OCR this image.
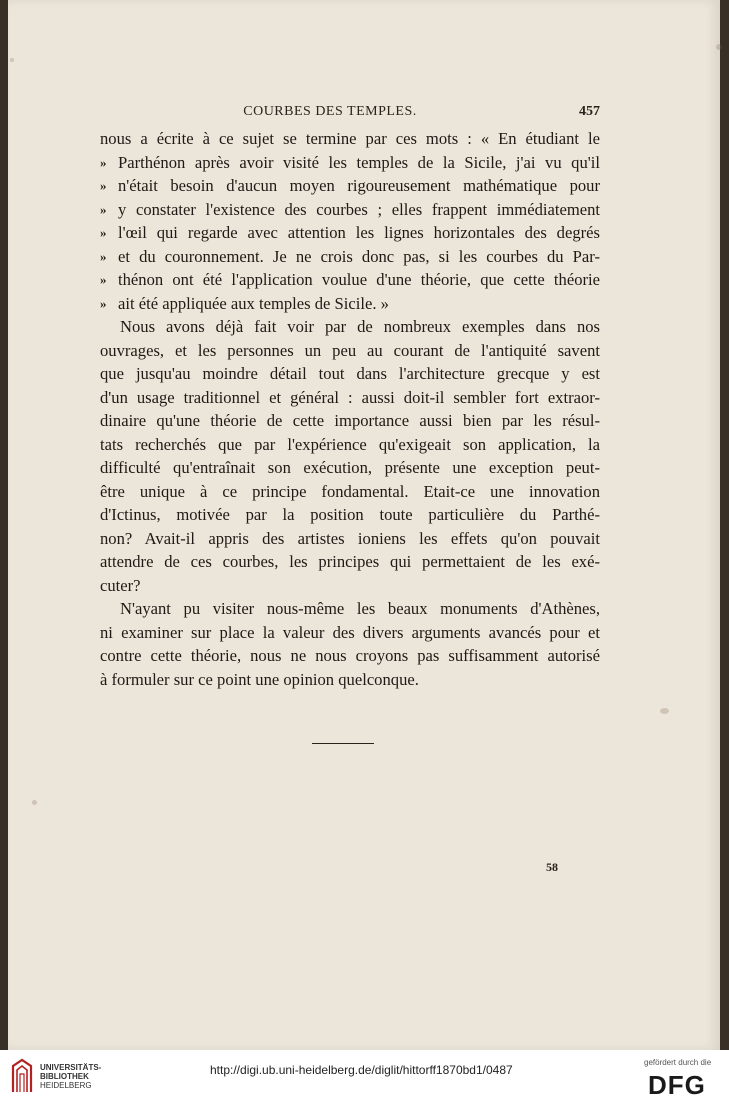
COURBES DES TEMPLES.	457
nous a écrite à ce sujet se termine par ces mots : « En étudiant le
» Parthénon après avoir visité les temples de la Sicile, j'ai vu qu'il
» n'était besoin d'aucun moyen rigoureusement mathématique pour
» y constater l'existence des courbes ; elles frappent immédiatement
» l'œil qui regarde avec attention les lignes horizontales des degrés
» et du couronnement. Je ne crois donc pas, si les courbes du Par-
» thénon ont été l'application voulue d'une théorie, que cette théorie
» ait été appliquée aux temples de Sicile. »
Nous avons déjà fait voir par de nombreux exemples dans nos
ouvrages, et les personnes un peu au courant de l'antiquité savent
que jusqu'au moindre détail tout dans l'architecture grecque y est
d'un usage traditionnel et général : aussi doit-il sembler fort extraor-
dinaire qu'une théorie de cette importance aussi bien par les résul-
tats recherchés que par l'expérience qu'exigeait son application, la
difficulté qu'entraînait son exécution, présente une exception peut-
être unique à ce principe fondamental. Etait-ce une innovation
d'Ictinus, motivée par la position toute particulière du Parthé-
non? Avait-il appris des artistes ioniens les effets qu'on pouvait
attendre de ces courbes, les principes qui permettaient de les exé-
cuter?
N'ayant pu visiter nous-même les beaux monuments d'Athènes,
ni examiner sur place la valeur des divers arguments avancés pour et
contre cette théorie, nous ne nous croyons pas suffisamment autorisé
à formuler sur ce point une opinion quelconque.
58
UNIVERSITÄTS-
BIBLIOTHEK
HEIDELBERG
http://digi.ub.uni-heidelberg.de/diglit/hittorff1870bd1/0487
gefördert durch die
DFG
